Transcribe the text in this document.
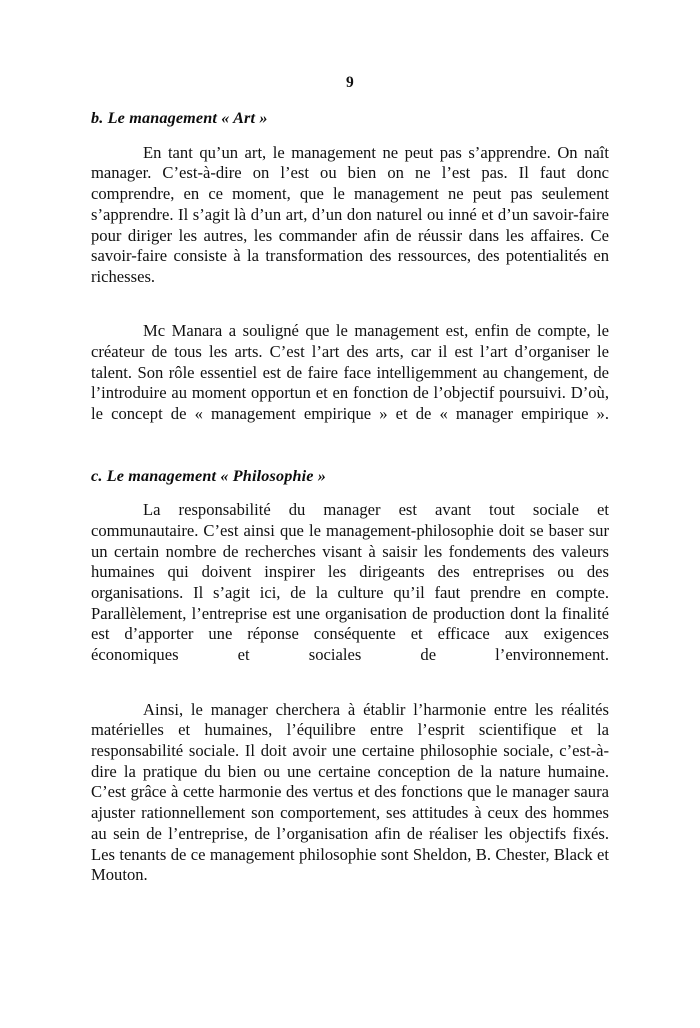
9
b. Le management « Art »

En tant qu’un art, le management ne peut pas s’apprendre. On naît manager. C’est-à-dire on l’est ou bien on ne l’est pas. Il faut donc comprendre, en ce moment, que le management ne peut pas seulement s’apprendre. Il s’agit là d’un art, d’un don naturel ou inné et d’un savoir-faire pour diriger les autres, les commander afin de réussir dans les affaires. Ce savoir-faire consiste à la transformation des ressources, des potentialités en richesses.

Mc Manara a souligné que le management est, enfin de compte, le créateur de tous les arts. C’est l’art des arts, car il est l’art d’organiser le talent. Son rôle essentiel est de faire face intelligemment au changement, de l’introduire au moment opportun et en fonction de l’objectif poursuivi. D’où, le concept de « management empirique » et de « manager empirique ».

c. Le management « Philosophie »

La responsabilité du manager est avant tout sociale et communautaire. C’est ainsi que le management-philosophie doit se baser sur un certain nombre de recherches visant à saisir les fondements des valeurs humaines qui doivent inspirer les dirigeants des entreprises ou des organisations. Il s’agit ici, de la culture qu’il faut prendre en compte. Parallèlement, l’entreprise est une organisation de production dont la finalité est d’apporter une réponse conséquente et efficace aux exigences économiques et sociales de l’environnement.

Ainsi, le manager cherchera à établir l’harmonie entre les réalités matérielles et humaines, l’équilibre entre l’esprit scientifique et la responsabilité sociale. Il doit avoir une certaine philosophie sociale, c’est-à-dire la pratique du bien ou une certaine conception de la nature humaine. C’est grâce à cette harmonie des vertus et des fonctions que le manager saura ajuster rationnellement son comportement, ses attitudes à ceux des hommes au sein de l’entreprise, de l’organisation afin de réaliser les objectifs fixés. Les tenants de ce management philosophie sont Sheldon, B. Chester, Black et Mouton.
